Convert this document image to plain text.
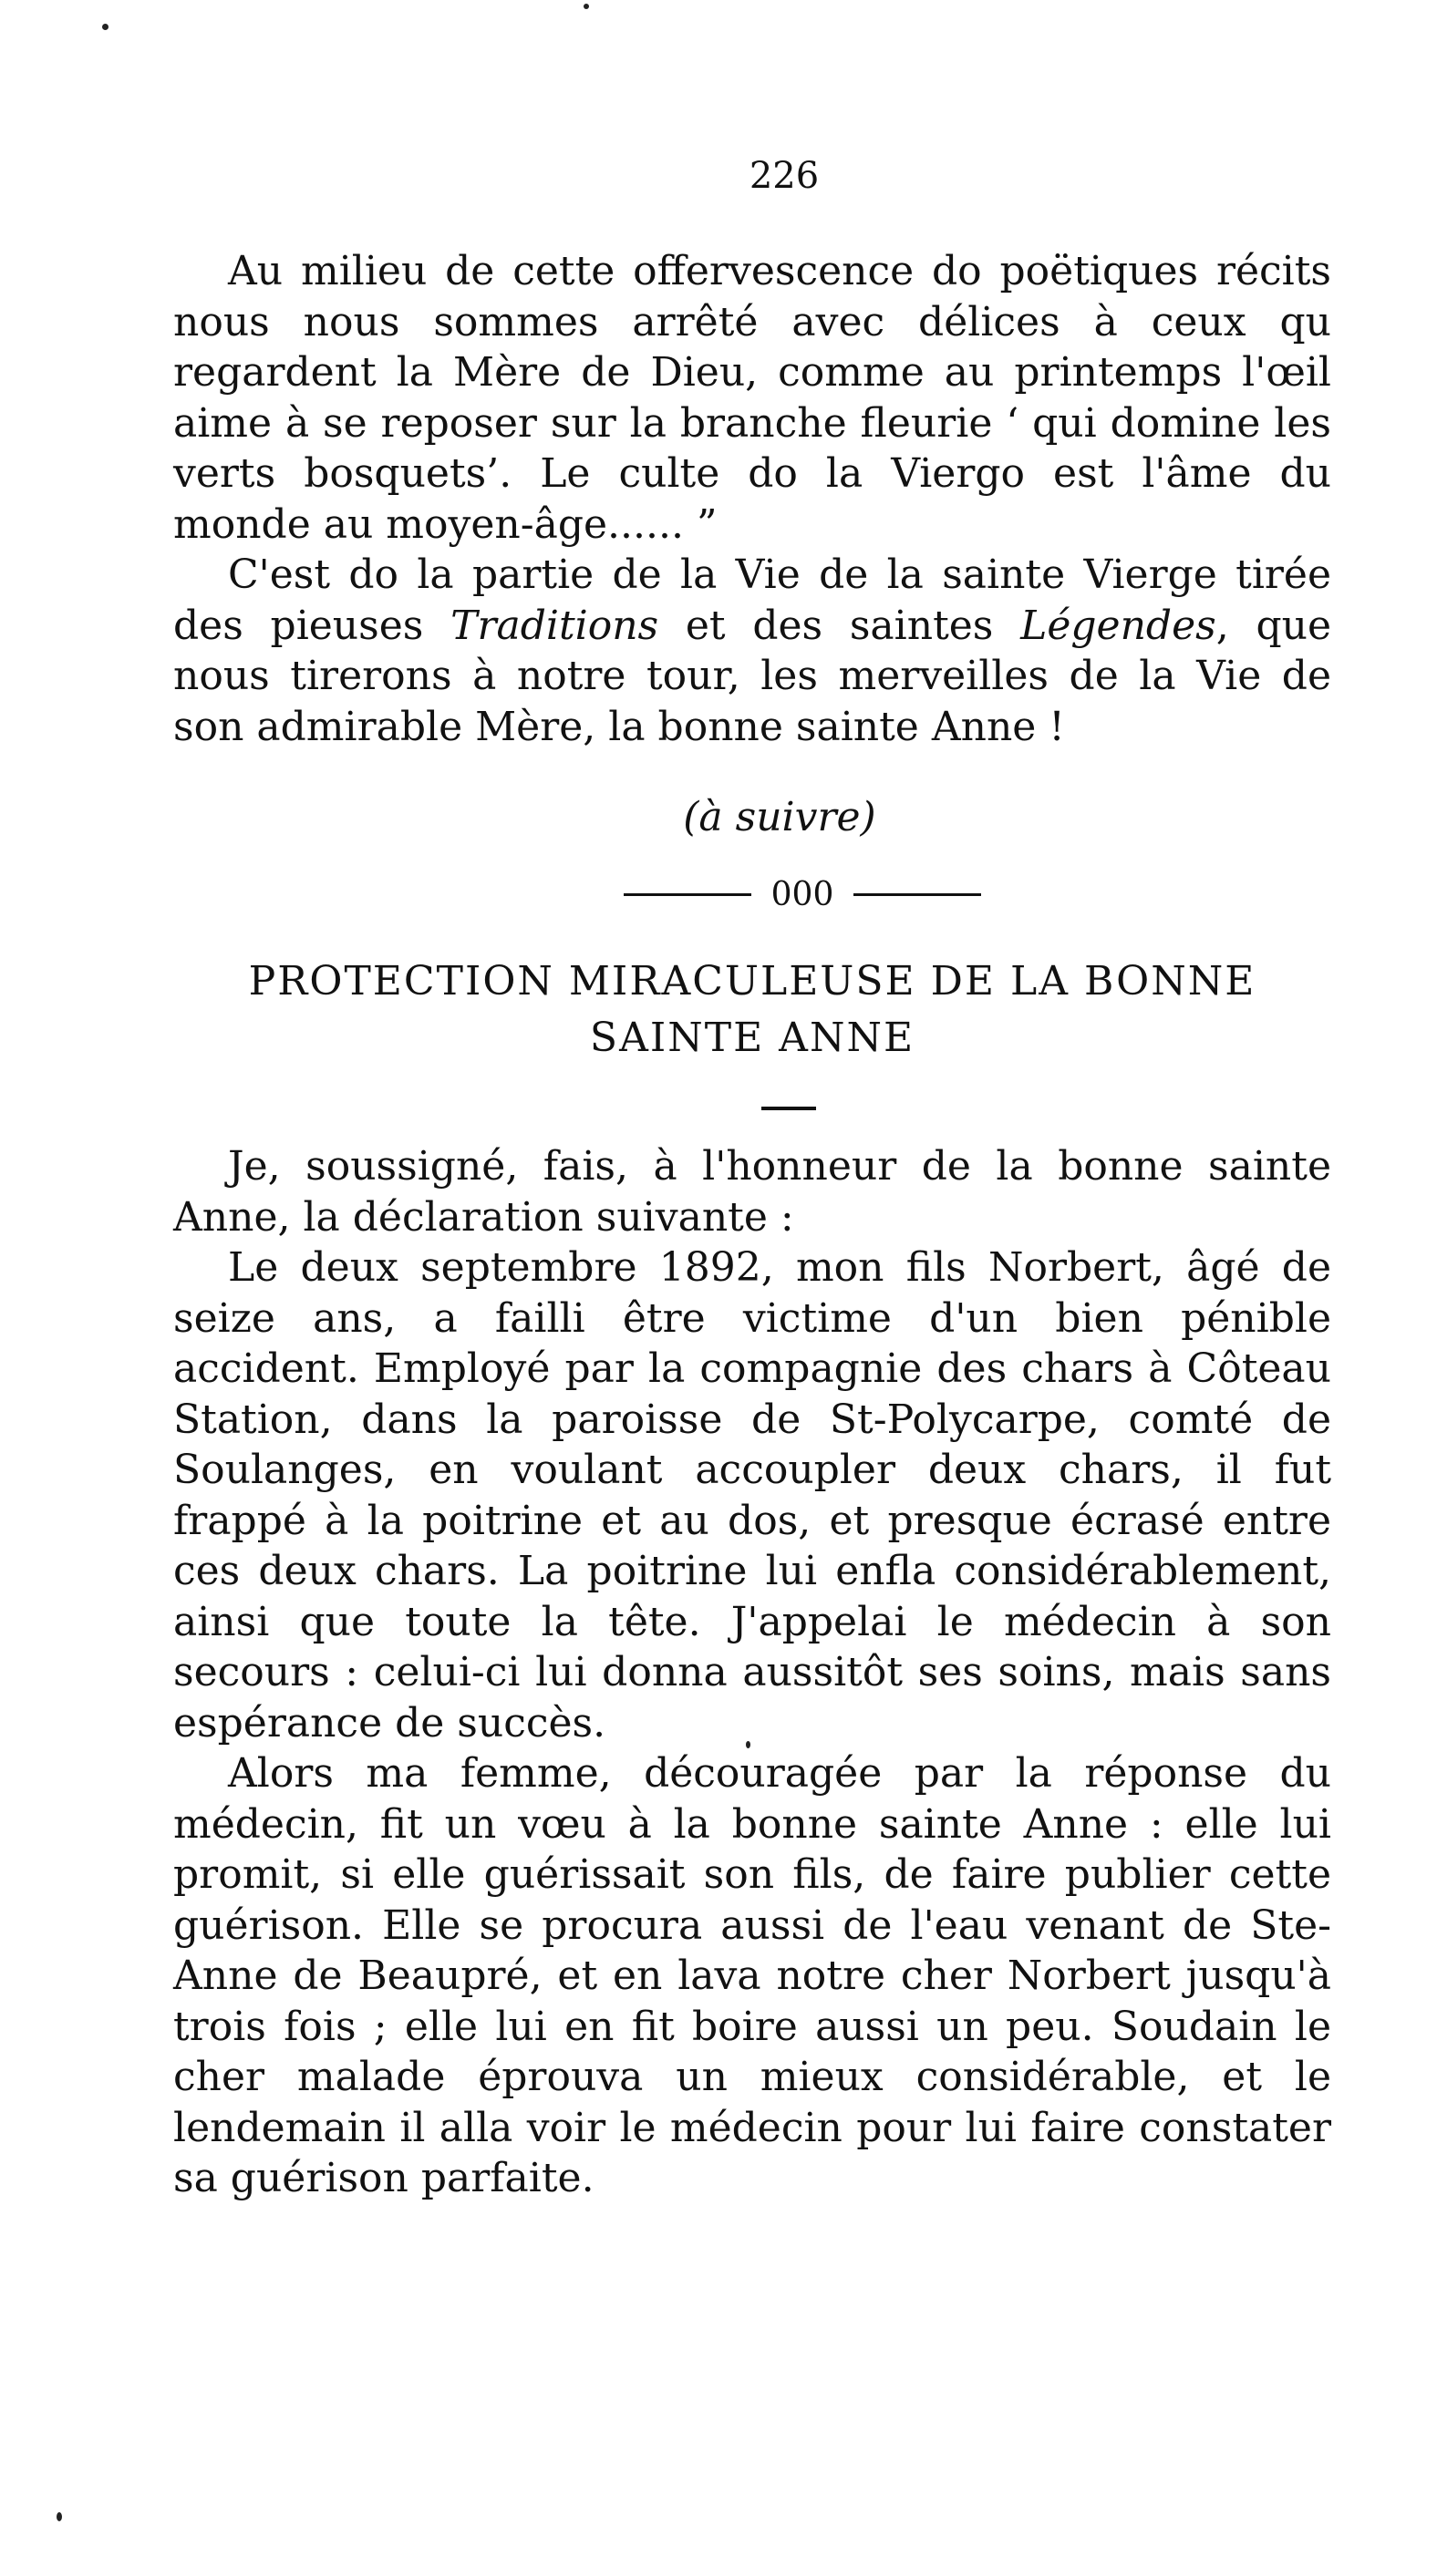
226

Au milieu de cette offervescence do poëtiques récits nous nous sommes arrêté avec délices à ceux qu regardent la Mère de Dieu, comme au printemps l'œil aime à se reposer sur la branche fleurie ‘ qui domine les verts bosquets’. Le culte do la Viergo est l'âme du monde au moyen-âge...... ”

C'est do la partie de la Vie de la sainte Vierge tirée des pieuses Traditions et des saintes Légendes, que nous tirerons à notre tour, les merveilles de la Vie de son admirable Mère, la bonne sainte Anne !

(à suivre)
000
PROTECTION MIRACULEUSE DE LA BONNE
SAINTE ANNE

Je, soussigné, fais, à l'honneur de la bonne sainte Anne, la déclaration suivante :

Le deux septembre 1892, mon fils Norbert, âgé de seize ans, a failli être victime d'un bien pénible accident. Employé par la compagnie des chars à Côteau Station, dans la paroisse de St-Polycarpe, comté de Soulanges, en voulant accoupler deux chars, il fut frappé à la poitrine et au dos, et presque écrasé entre ces deux chars. La poitrine lui enfla considérablement, ainsi que toute la tête. J'appelai le médecin à son secours : celui-ci lui donna aussitôt ses soins, mais sans espérance de succès.

Alors ma femme, découragée par la réponse du médecin, fit un vœu à la bonne sainte Anne : elle lui promit, si elle guérissait son fils, de faire publier cette guérison. Elle se procura aussi de l'eau venant de Ste-Anne de Beaupré, et en lava notre cher Norbert jusqu'à trois fois ; elle lui en fit boire aussi un peu. Soudain le cher malade éprouva un mieux considérable, et le lendemain il alla voir le médecin pour lui faire constater sa guérison parfaite.
